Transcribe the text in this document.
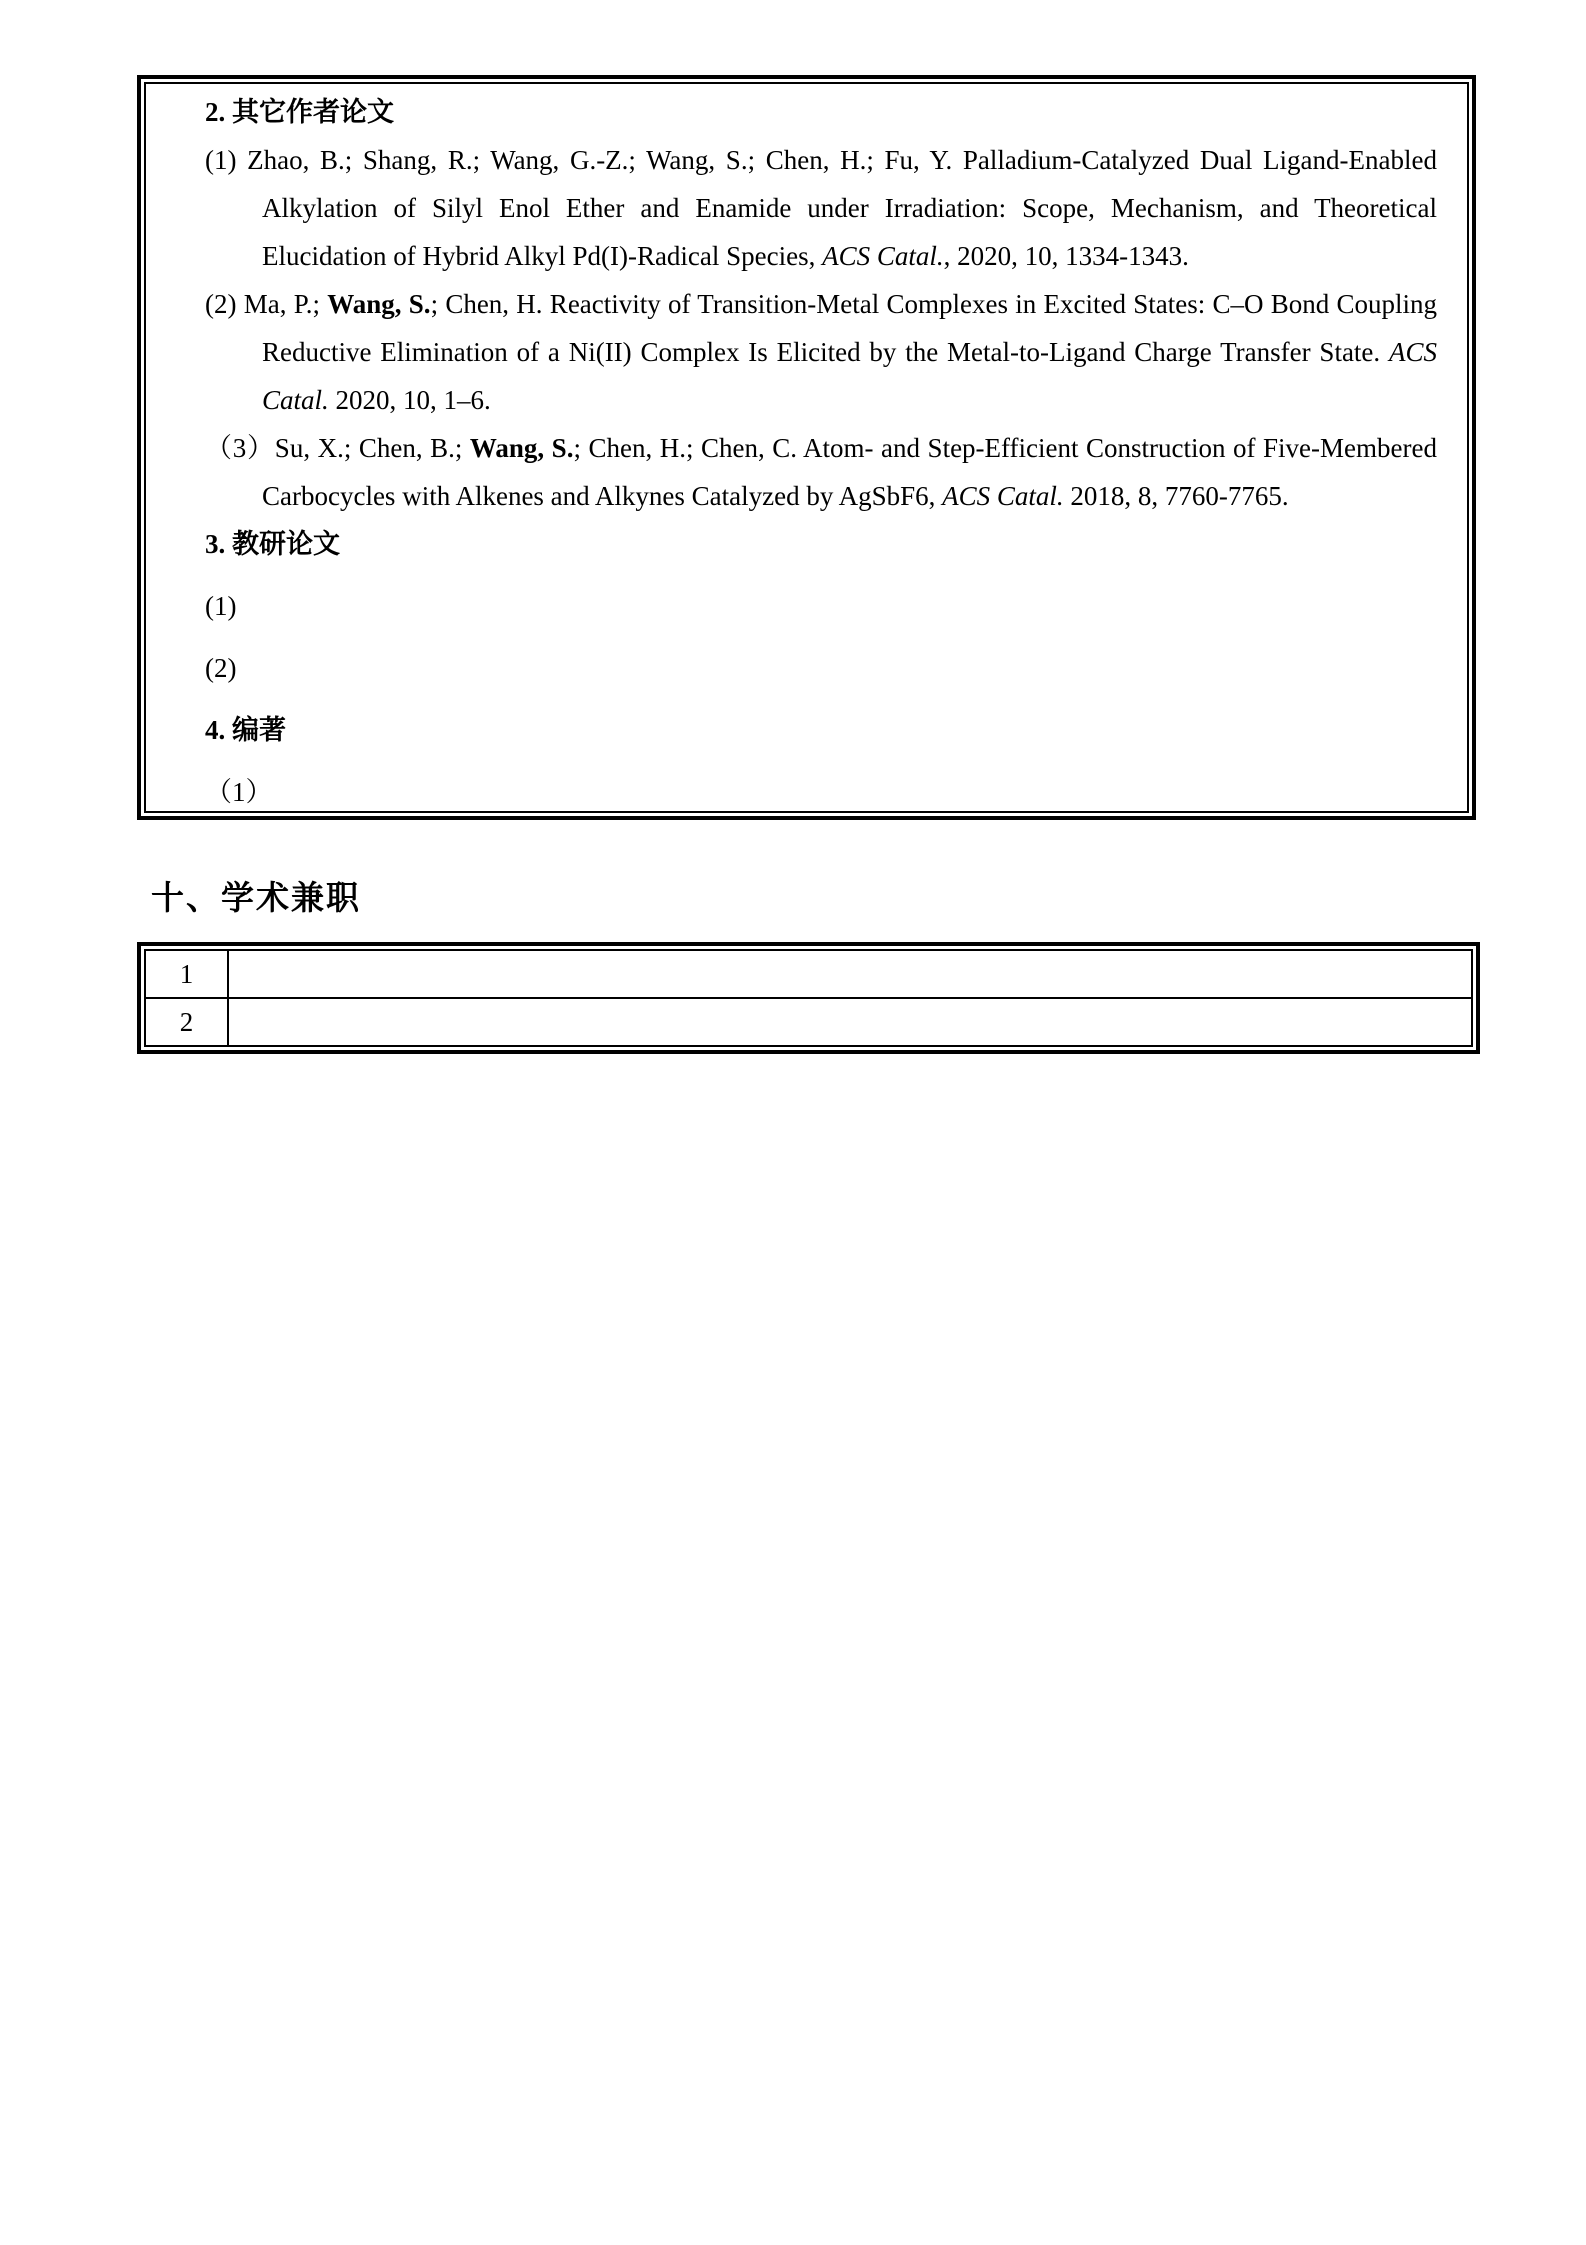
2. 其它作者论文

(1) Zhao, B.; Shang, R.; Wang, G.-Z.; Wang, S.; Chen, H.; Fu, Y. Palladium-Catalyzed Dual Ligand-Enabled Alkylation of Silyl Enol Ether and Enamide under Irradiation: Scope, Mechanism, and Theoretical Elucidation of Hybrid Alkyl Pd(I)-Radical Species, ACS Catal., 2020, 10, 1334-1343.

(2) Ma, P.; Wang, S.; Chen, H. Reactivity of Transition-Metal Complexes in Excited States: C–O Bond Coupling Reductive Elimination of a Ni(II) Complex Is Elicited by the Metal-to-Ligand Charge Transfer State. ACS Catal. 2020, 10, 1–6.

（3）Su, X.; Chen, B.; Wang, S.; Chen, H.; Chen, C. Atom- and Step-Efficient Construction of Five-Membered Carbocycles with Alkenes and Alkynes Catalyzed by AgSbF6, ACS Catal. 2018, 8, 7760-7765.

3. 教研论文

(1)

(2)

4. 编著

（1）

十、学术兼职
1
2
